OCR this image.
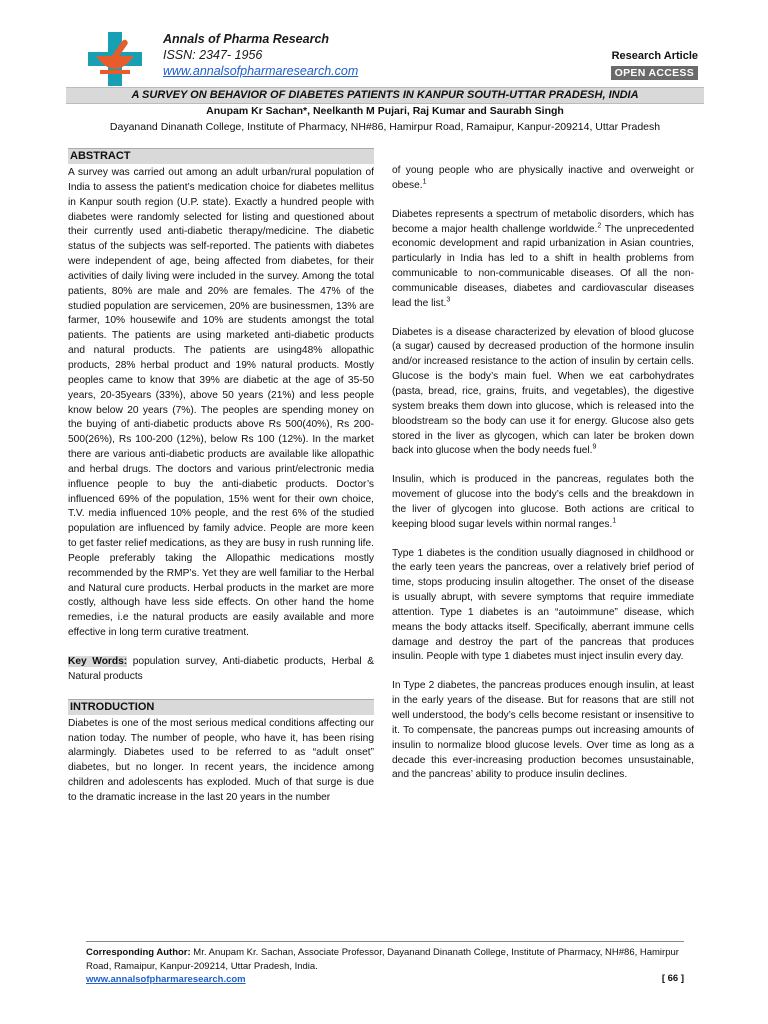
Annals of Pharma Research
ISSN: 2347- 1956
www.annalsofpharmaresearch.com
Research Article
OPEN ACCESS
A SURVEY ON BEHAVIOR OF DIABETES PATIENTS IN KANPUR SOUTH-UTTAR PRADESH, INDIA
Anupam Kr Sachan*, Neelkanth M Pujari, Raj Kumar and Saurabh Singh
Dayanand Dinanath College, Institute of Pharmacy, NH#86, Hamirpur Road, Ramaipur, Kanpur-209214, Uttar Pradesh
ABSTRACT

A survey was carried out among an adult urban/rural population of India to assess the patient’s medication choice for diabetes mellitus in Kanpur south region (U.P. state). Exactly a hundred people with diabetes were randomly selected for listing and questioned about their currently used anti-diabetic therapy/medicine. The diabetic status of the subjects was self-reported. The patients with diabetes were independent of age, being affected from diabetes, for their activities of daily living were included in the survey. Among the total patients, 80% are male and 20% are females. The 47% of the studied population are servicemen, 20% are businessmen, 13% are farmer, 10% housewife and 10% are students amongst the total patients. The patients are using marketed anti-diabetic products and natural products. The patients are using48% allopathic products, 28% herbal product and 19% natural products. Mostly peoples came to know that 39% are diabetic at the age of 35-50 years, 20-35years (33%), above 50 years (21%) and less people know below 20 years (7%). The peoples are spending money on the buying of anti-diabetic products above Rs 500(40%), Rs 200-500(26%), Rs 100-200 (12%), below Rs 100 (12%). In the market there are various anti-diabetic products are available like allopathic and herbal drugs. The doctors and various print/electronic media influence people to buy the anti-diabetic products. Doctor’s influenced 69% of the population, 15% went for their own choice, T.V. media influenced 10% people, and the rest 6% of the studied population are influenced by family advice. People are more keen to get faster relief medications, as they are busy in rush running life. People preferably taking the Allopathic medications mostly recommended by the RMP’s. Yet they are well familiar to the Herbal and Natural cure products. Herbal products in the market are more costly, although have less side effects. On other hand the home remedies, i.e the natural products are easily available and more effective in long term curative treatment.

Key Words: population survey, Anti-diabetic products, Herbal & Natural products

INTRODUCTION

Diabetes is one of the most serious medical conditions affecting our nation today. The number of people, who have it, has been rising alarmingly. Diabetes used to be referred to as “adult onset” diabetes, but no longer. In recent years, the incidence among children and adolescents has exploded. Much of that surge is due to the dramatic increase in the last 20 years in the number

of young people who are physically inactive and overweight or obese.$^1$

Diabetes represents a spectrum of metabolic disorders, which has become a major health challenge worldwide.$^2$ The unprecedented economic development and rapid urbanization in Asian countries, particularly in India has led to a shift in health problems from communicable to non-communicable diseases. Of all the non-communicable diseases, diabetes and cardiovascular diseases lead the list.$^3$

Diabetes is a disease characterized by elevation of blood glucose (a sugar) caused by decreased production of the hormone insulin and/or increased resistance to the action of insulin by certain cells. Glucose is the body’s main fuel. When we eat carbohydrates (pasta, bread, rice, grains, fruits, and vegetables), the digestive system breaks them down into glucose, which is released into the bloodstream so the body can use it for energy. Glucose also gets stored in the liver as glycogen, which can later be broken down back into glucose when the body needs fuel.$^9$

Insulin, which is produced in the pancreas, regulates both the movement of glucose into the body’s cells and the breakdown in the liver of glycogen into glucose. Both actions are critical to keeping blood sugar levels within normal ranges.$^1$

Type 1 diabetes is the condition usually diagnosed in childhood or the early teen years the pancreas, over a relatively brief period of time, stops producing insulin altogether. The onset of the disease is usually abrupt, with severe symptoms that require immediate attention. Type 1 diabetes is an “autoimmune” disease, which means the body attacks itself. Specifically, aberrant immune cells damage and destroy the part of the pancreas that produces insulin. People with type 1 diabetes must inject insulin every day.

In Type 2 diabetes, the pancreas produces enough insulin, at least in the early years of the disease. But for reasons that are still not well understood, the body’s cells become resistant or insensitive to it. To compensate, the pancreas pumps out increasing amounts of insulin to normalize blood glucose levels. Over time as long as a decade this ever-increasing production becomes unsustainable, and the pancreas’ ability to produce insulin declines.

Corresponding Author: Mr. Anupam Kr. Sachan, Associate Professor, Dayanand Dinanath College, Institute of Pharmacy, NH#86, Hamirpur Road, Ramaipur, Kanpur-209214, Uttar Pradesh, India.
www.annalsofpharmaresearch.com	[ 66 ]
